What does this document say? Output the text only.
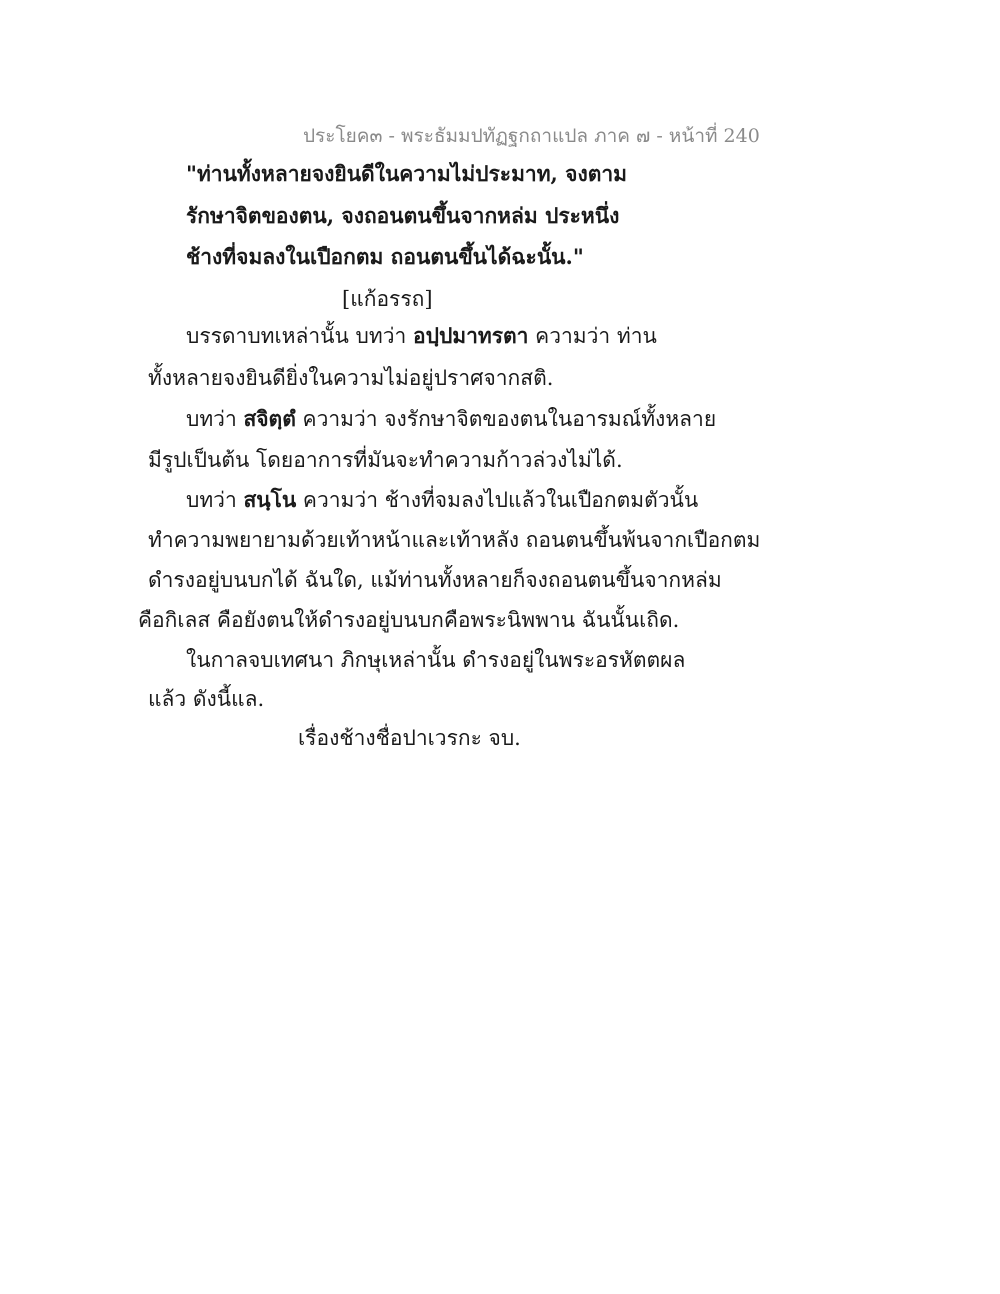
ประโยค๓ - พระธัมมปทัฏฐกถาแปล ภาค ๗ - หน้าที่ 240
"ท่านทั้งหลายจงยินดีในความไม่ประมาท, จงตาม
รักษาจิตของตน, จงถอนตนขึ้นจากหล่ม ประหนึ่ง
ช้างที่จมลงในเปือกตม ถอนตนขึ้นได้ฉะนั้น."
[แก้อรรถ]
บรรดาบทเหล่านั้น บทว่า อปฺปมาทรตา ความว่า ท่าน
ทั้งหลายจงยินดียิ่งในความไม่อยู่ปราศจากสติ.
บทว่า สจิตฺตํ ความว่า จงรักษาจิตของตนในอารมณ์ทั้งหลาย
มีรูปเป็นต้น โดยอาการที่มันจะทำความก้าวล่วงไม่ได้.
บทว่า สนฺโน ความว่า ช้างที่จมลงไปแล้วในเปือกตมตัวนั้น
ทำความพยายามด้วยเท้าหน้าและเท้าหลัง ถอนตนขึ้นพ้นจากเปือกตม
ดำรงอยู่บนบกได้ ฉันใด, แม้ท่านทั้งหลายก็จงถอนตนขึ้นจากหล่ม
คือกิเลส คือยังตนให้ดำรงอยู่บนบกคือพระนิพพาน ฉันนั้นเถิด.
ในกาลจบเทศนา ภิกษุเหล่านั้น ดำรงอยู่ในพระอรหัตตผล
แล้ว ดังนี้แล.
เรื่องช้างชื่อปาเวรกะ จบ.
